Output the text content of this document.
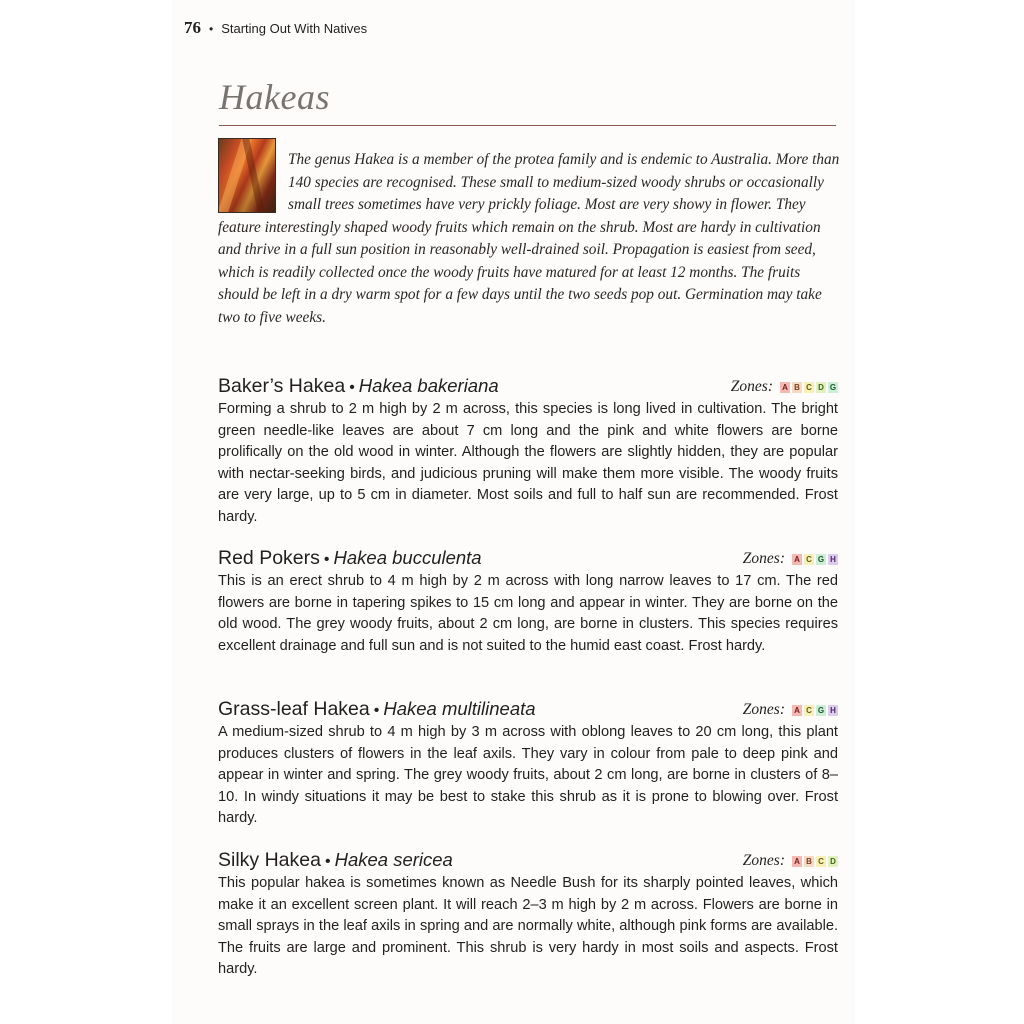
76 • Starting Out With Natives
Hakeas

The genus Hakea is a member of the protea family and is endemic to Australia. More than 140 species are recognised. These small to medium-sized woody shrubs or occasionally small trees sometimes have very prickly foliage. Most are very showy in flower. They feature interestingly shaped woody fruits which remain on the shrub. Most are hardy in cultivation and thrive in a full sun position in reasonably well-drained soil. Propagation is easiest from seed, which is readily collected once the woody fruits have matured for at least 12 months. The fruits should be left in a dry warm spot for a few days until the two seeds pop out. Germination may take two to five weeks.

Baker’s Hakea • Hakea bakeriana	Zones: A B C D G

Forming a shrub to 2 m high by 2 m across, this species is long lived in cultivation. The bright green needle-like leaves are about 7 cm long and the pink and white flowers are borne prolifically on the old wood in winter. Although the flowers are slightly hidden, they are popular with nectar-seeking birds, and judicious pruning will make them more visible. The woody fruits are very large, up to 5 cm in diameter. Most soils and full to half sun are recommended. Frost hardy.

Red Pokers • Hakea bucculenta	Zones: A C G H

This is an erect shrub to 4 m high by 2 m across with long narrow leaves to 17 cm. The red flowers are borne in tapering spikes to 15 cm long and appear in winter. They are borne on the old wood. The grey woody fruits, about 2 cm long, are borne in clusters. This species requires excellent drainage and full sun and is not suited to the humid east coast. Frost hardy.

Grass-leaf Hakea • Hakea multilineata	Zones: A C G H

A medium-sized shrub to 4 m high by 3 m across with oblong leaves to 20 cm long, this plant produces clusters of flowers in the leaf axils. They vary in colour from pale to deep pink and appear in winter and spring. The grey woody fruits, about 2 cm long, are borne in clusters of 8–10. In windy situations it may be best to stake this shrub as it is prone to blowing over. Frost hardy.

Silky Hakea • Hakea sericea	Zones: A B C D

This popular hakea is sometimes known as Needle Bush for its sharply pointed leaves, which make it an excellent screen plant. It will reach 2–3 m high by 2 m across. Flowers are borne in small sprays in the leaf axils in spring and are normally white, although pink forms are available. The fruits are large and prominent. This shrub is very hardy in most soils and aspects. Frost hardy.
